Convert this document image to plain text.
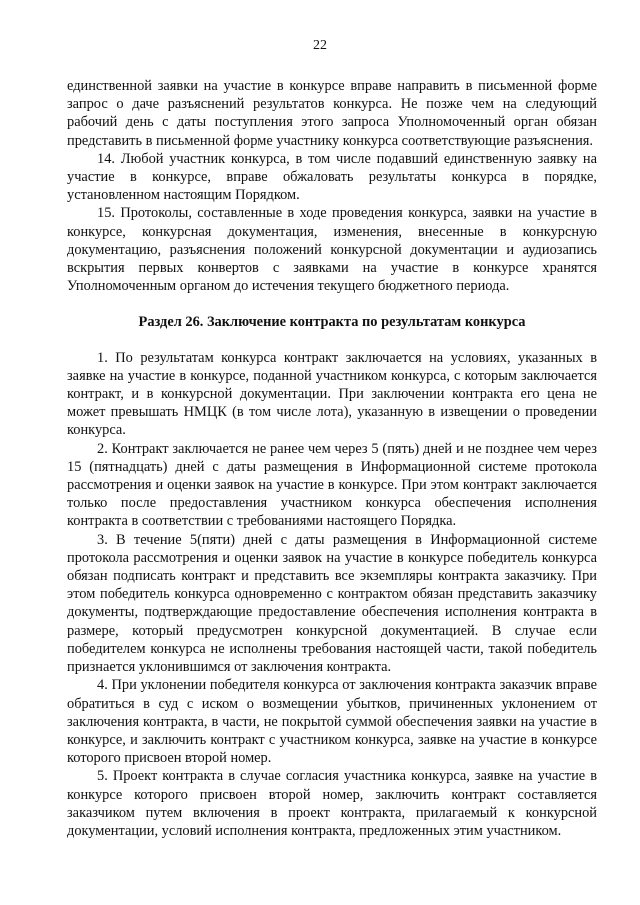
22

единственной заявки на участие в конкурсе вправе направить в письменной форме запрос о даче разъяснений результатов конкурса. Не позже чем на следующий рабочий день с даты поступления этого запроса Уполномоченный орган обязан представить в письменной форме участнику конкурса соответствующие разъяснения.

14. Любой участник конкурса, в том числе подавший единственную заявку на участие в конкурсе, вправе обжаловать результаты конкурса в порядке, установленном настоящим Порядком.

15. Протоколы, составленные в ходе проведения конкурса, заявки на участие в конкурсе, конкурсная документация, изменения, внесенные в конкурсную документацию, разъяснения положений конкурсной документации и аудиозапись вскрытия первых конвертов с заявками на участие в конкурсе хранятся Уполномоченным органом до истечения текущего бюджетного периода.

Раздел 26. Заключение контракта по результатам конкурса

1. По результатам конкурса контракт заключается на условиях, указанных в заявке на участие в конкурсе, поданной участником конкурса, с которым заключается контракт, и в конкурсной документации. При заключении контракта его цена не может превышать НМЦК (в том числе лота), указанную в извещении о проведении конкурса.

2. Контракт заключается не ранее чем через 5 (пять) дней и не позднее чем через 15 (пятнадцать) дней с даты размещения в Информационной системе протокола рассмотрения и оценки заявок на участие в конкурсе. При этом контракт заключается только после предоставления участником конкурса обеспечения исполнения контракта в соответствии с требованиями настоящего Порядка.

3. В течение 5(пяти) дней с даты размещения в Информационной системе протокола рассмотрения и оценки заявок на участие в конкурсе победитель конкурса обязан подписать контракт и представить все экземпляры контракта заказчику. При этом победитель конкурса одновременно с контрактом обязан представить заказчику документы, подтверждающие предоставление обеспечения исполнения контракта в размере, который предусмотрен конкурсной документацией. В случае если победителем конкурса не исполнены требования настоящей части, такой победитель признается уклонившимся от заключения контракта.

4. При уклонении победителя конкурса от заключения контракта заказчик вправе обратиться в суд с иском о возмещении убытков, причиненных уклонением от заключения контракта, в части, не покрытой суммой обеспечения заявки на участие в конкурсе, и заключить контракт с участником конкурса, заявке на участие в конкурсе которого присвоен второй номер.

5. Проект контракта в случае согласия участника конкурса, заявке на участие в конкурсе которого присвоен второй номер, заключить контракт составляется заказчиком путем включения в проект контракта, прилагаемый к конкурсной документации, условий исполнения контракта, предложенных этим участником.
